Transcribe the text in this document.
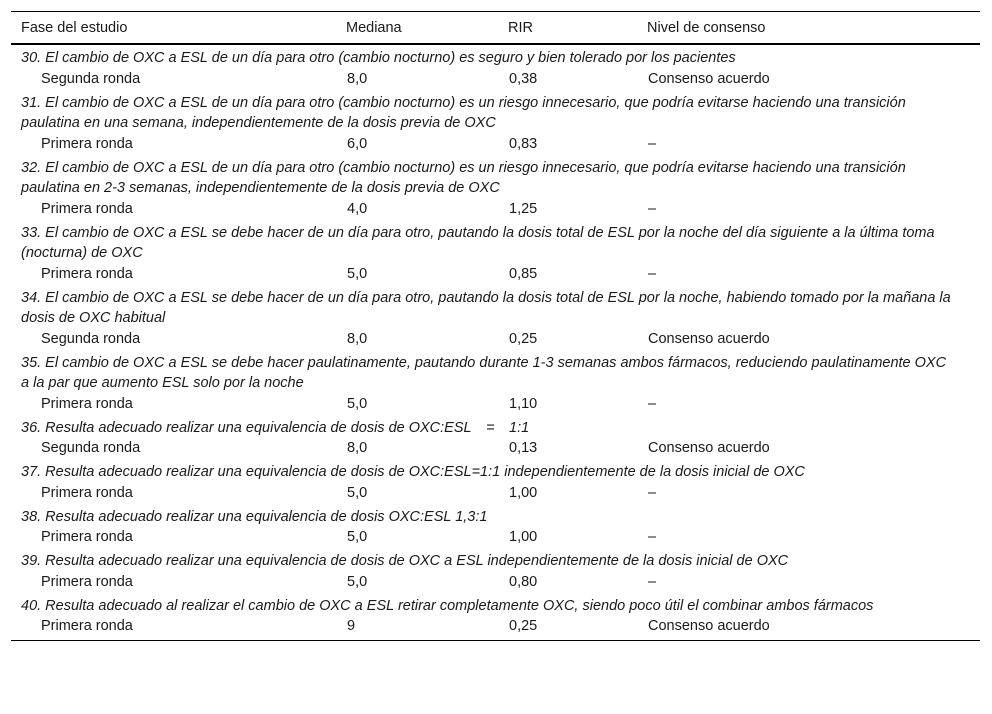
Fase del estudio	Mediana	RIR	Nivel de consenso
30. El cambio de OXC a ESL de un día para otro (cambio nocturno) es seguro y bien tolerado por los pacientes			
Segunda ronda	8,0	0,38	Consenso acuerdo
31. El cambio de OXC a ESL de un día para otro (cambio nocturno) es un riesgo innecesario, que podría evitarse haciendo una transición paulatina en una semana, independientemente de la dosis previa de OXC			
Primera ronda	6,0	0,83	–
32. El cambio de OXC a ESL de un día para otro (cambio nocturno) es un riesgo innecesario, que podría evitarse haciendo una transición paulatina en 2-3 semanas, independientemente de la dosis previa de OXC			
Primera ronda	4,0	1,25	–
33. El cambio de OXC a ESL se debe hacer de un día para otro, pautando la dosis total de ESL por la noche del día siguiente a la última toma (nocturna) de OXC			
Primera ronda	5,0	0,85	–
34. El cambio de OXC a ESL se debe hacer de un día para otro, pautando la dosis total de ESL por la noche, habiendo tomado por la mañana la dosis de OXC habitual			
Segunda ronda	8,0	0,25	Consenso acuerdo
35. El cambio de OXC a ESL se debe hacer paulatinamente, pautando durante 1-3 semanas ambos fármacos, reduciendo paulatinamente OXC a la par que aumento ESL solo por la noche			
Primera ronda	5,0	1,10	–
36. Resulta adecuado realizar una equivalencia de dosis de OXC:ESL = 1:1			
Segunda ronda	8,0	0,13	Consenso acuerdo
37. Resulta adecuado realizar una equivalencia de dosis de OXC:ESL=1:1 independientemente de la dosis inicial de OXC			
Primera ronda	5,0	1,00	–
38. Resulta adecuado realizar una equivalencia de dosis OXC:ESL 1,3:1			
Primera ronda	5,0	1,00	–
39. Resulta adecuado realizar una equivalencia de dosis de OXC a ESL independientemente de la dosis inicial de OXC			
Primera ronda	5,0	0,80	–
40. Resulta adecuado al realizar el cambio de OXC a ESL retirar completamente OXC, siendo poco útil el combinar ambos fármacos			
Primera ronda	9	0,25	Consenso acuerdo
